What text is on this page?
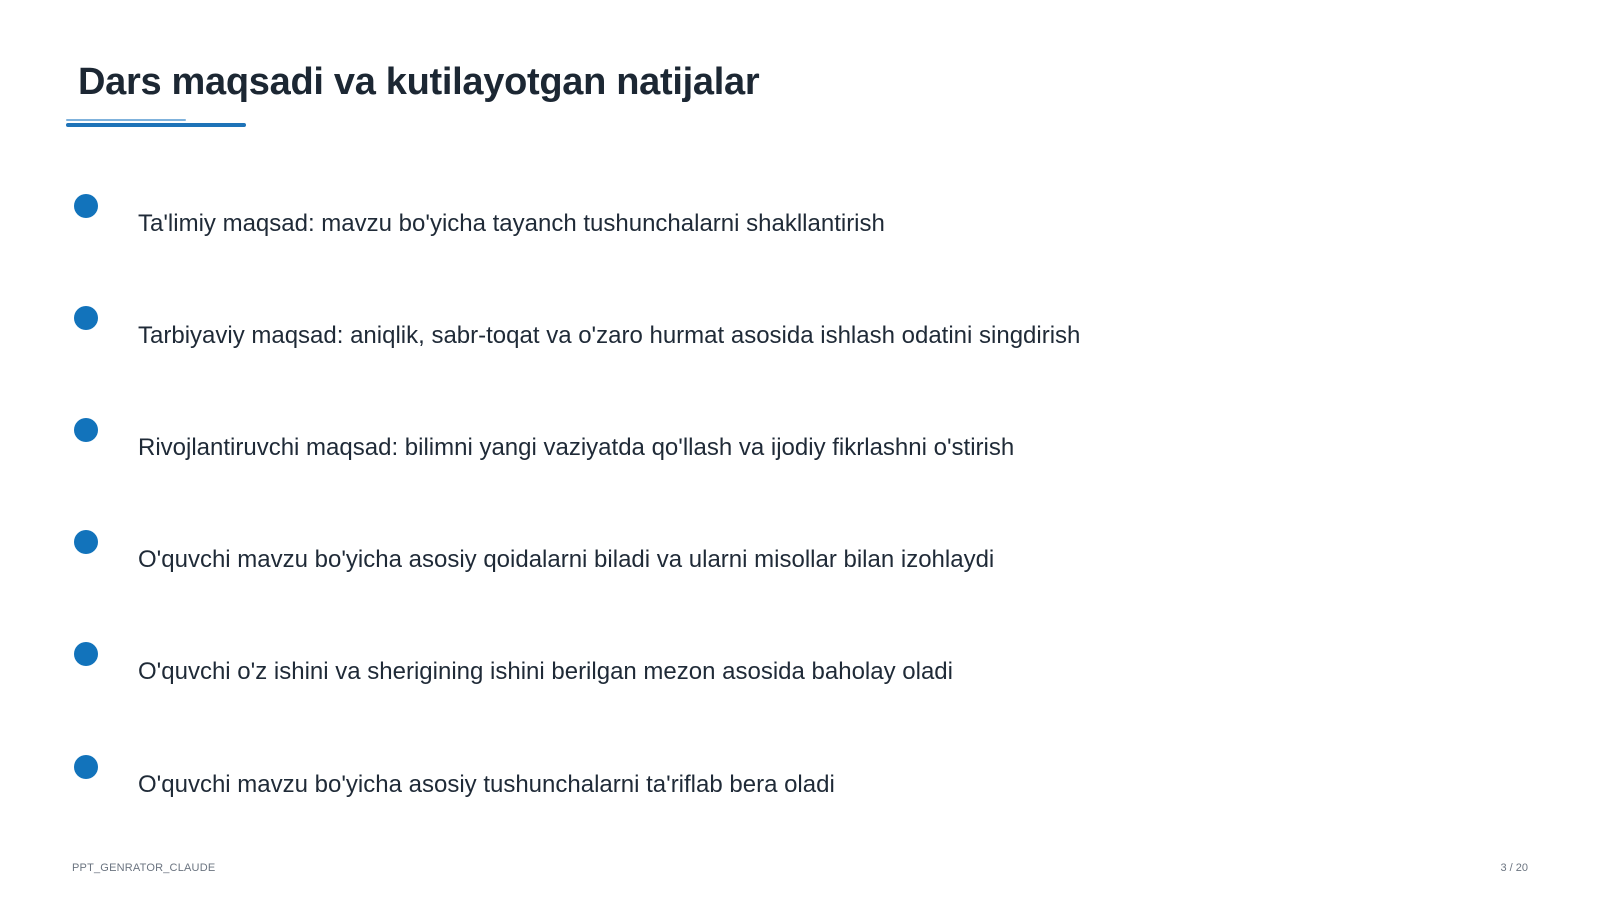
Dars maqsadi va kutilayotgan natijalar
Ta'limiy maqsad: mavzu bo'yicha tayanch tushunchalarni shakllantirish
Tarbiyaviy maqsad: aniqlik, sabr-toqat va o'zaro hurmat asosida ishlash odatini singdirish
Rivojlantiruvchi maqsad: bilimni yangi vaziyatda qo'llash va ijodiy fikrlashni o'stirish
O'quvchi mavzu bo'yicha asosiy qoidalarni biladi va ularni misollar bilan izohlaydi
O'quvchi o'z ishini va sherigining ishini berilgan mezon asosida baholay oladi
O'quvchi mavzu bo'yicha asosiy tushunchalarni ta'riflab bera oladi
PPT_GENRATOR_CLAUDE	3 / 20
